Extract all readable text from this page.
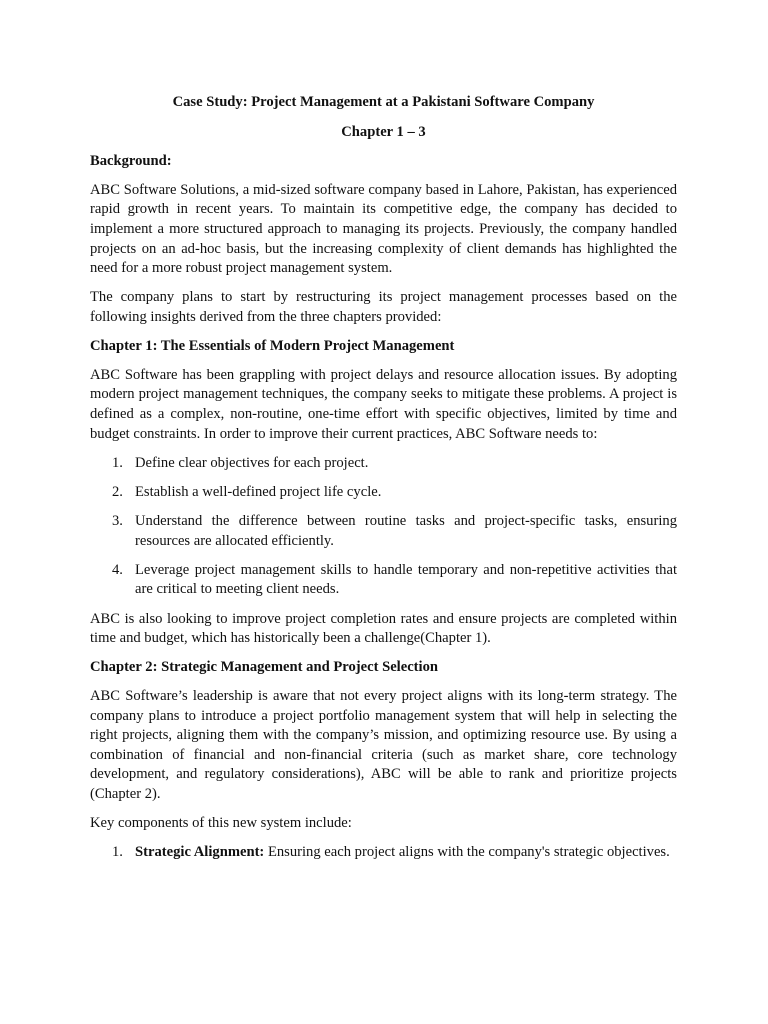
Case Study: Project Management at a Pakistani Software Company

Chapter 1 – 3

Background:

ABC Software Solutions, a mid-sized software company based in Lahore, Pakistan, has experienced rapid growth in recent years. To maintain its competitive edge, the company has decided to implement a more structured approach to managing its projects. Previously, the company handled projects on an ad-hoc basis, but the increasing complexity of client demands has highlighted the need for a more robust project management system.

The company plans to start by restructuring its project management processes based on the following insights derived from the three chapters provided:

Chapter 1: The Essentials of Modern Project Management

ABC Software has been grappling with project delays and resource allocation issues. By adopting modern project management techniques, the company seeks to mitigate these problems. A project is defined as a complex, non-routine, one-time effort with specific objectives, limited by time and budget constraints. In order to improve their current practices, ABC Software needs to:

1. Define clear objectives for each project.
2. Establish a well-defined project life cycle.
3. Understand the difference between routine tasks and project-specific tasks, ensuring resources are allocated efficiently.
4. Leverage project management skills to handle temporary and non-repetitive activities that are critical to meeting client needs.

ABC is also looking to improve project completion rates and ensure projects are completed within time and budget, which has historically been a challenge(Chapter 1).

Chapter 2: Strategic Management and Project Selection

ABC Software’s leadership is aware that not every project aligns with its long-term strategy. The company plans to introduce a project portfolio management system that will help in selecting the right projects, aligning them with the company’s mission, and optimizing resource use. By using a combination of financial and non-financial criteria (such as market share, core technology development, and regulatory considerations), ABC will be able to rank and prioritize projects (Chapter 2).

Key components of this new system include:

1. Strategic Alignment: Ensuring each project aligns with the company's strategic objectives.
